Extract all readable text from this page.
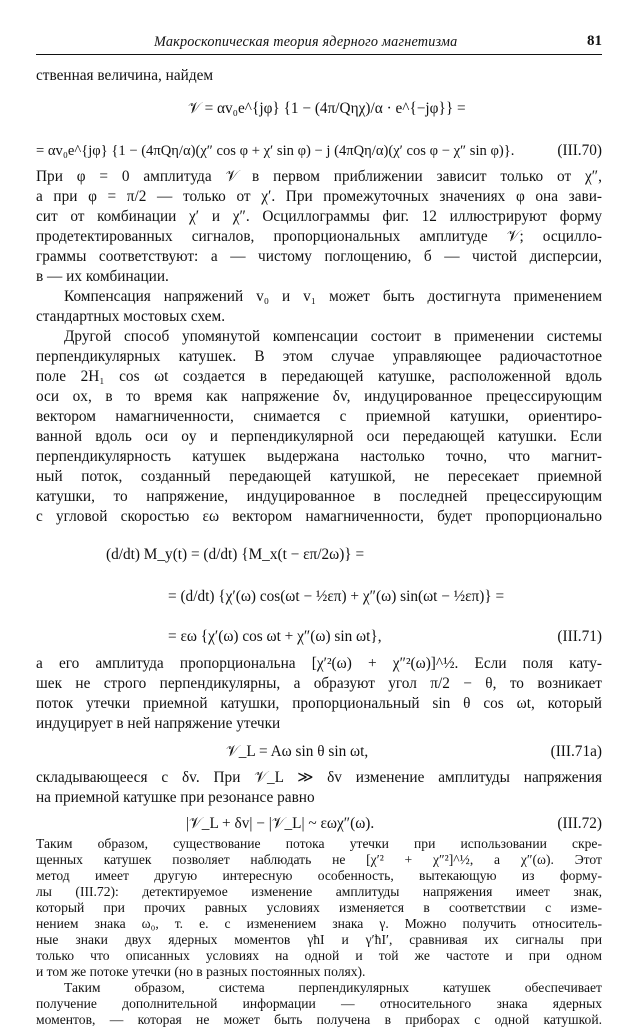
Макроскопическая теория ядерного магнетизма	81
ственная величина, найдем
𝒱 = αv₀e^{jφ} {1 − (4π/Qηχ)/α · e^{−jφ}} =
= αv₀e^{jφ} {1 − (4πQη/α)(χ″ cos φ + χ′ sin φ) − j (4πQη/α)(χ′ cos φ − χ″ sin φ)}.	(III.70)
При φ = 0 амплитуда 𝒱 в первом приближении зависит только от χ″,
а при φ = π/2 — только от χ′. При промежуточных значениях φ она зави-
сит от комбинации χ′ и χ″. Осциллограммы фиг. 12 иллюстрируют форму
продетектированных сигналов, пропорциональных амплитуде 𝒱; осцилло-
граммы соответствуют: а — чистому поглощению, б — чистой дисперсии,
в — их комбинации.
Компенсация напряжений v₀ и v₁ может быть достигнута применением
стандартных мостовых схем.
Другой способ упомянутой компенсации состоит в применении системы
перпендикулярных катушек. В этом случае управляющее радиочастотное
поле 2H₁ cos ωt создается в передающей катушке, расположенной вдоль
оси ox, в то время как напряжение δv, индуцированное прецессирующим
вектором намагниченности, снимается с приемной катушки, ориентиро-
ванной вдоль оси oy и перпендикулярной оси передающей катушки. Если
перпендикулярность катушек выдержана настолько точно, что магнит-
ный поток, созданный передающей катушкой, не пересекает приемной
катушки, то напряжение, индуцированное в последней прецессирующим
с угловой скоростью εω вектором намагниченности, будет пропорционально
(d/dt) M_y(t) = (d/dt) {M_x(t − επ/2ω)} =
= (d/dt) {χ′(ω) cos(ωt − ½επ) + χ″(ω) sin(ωt − ½επ)} =
= εω {χ′(ω) cos ωt + χ″(ω) sin ωt},	(III.71)
а его амплитуда пропорциональна [χ′²(ω) + χ″²(ω)]^½. Если поля кату-
шек не строго перпендикулярны, а образуют угол π/2 − θ, то возникает
поток утечки приемной катушки, пропорциональный sin θ cos ωt, который
индуцирует в ней напряжение утечки
𝒱_L = Aω sin θ sin ωt,	(III.71a)
складывающееся с δv. При 𝒱_L ≫ δv изменение амплитуды напряжения
на приемной катушке при резонансе равно
|𝒱_L + δv| − |𝒱_L| ~ εωχ″(ω).	(III.72)
Таким образом, существование потока утечки при использовании скре-
щенных катушек позволяет наблюдать не [χ′² + χ″²]^½, а χ″(ω). Этот
метод имеет другую интересную особенность, вытекающую из форму-
лы (III.72): детектируемое изменение амплитуды напряжения имеет знак,
который при прочих равных условиях изменяется в соответствии с изме-
нением знака ω₀, т. е. с изменением знака γ. Можно получить относитель-
ные знаки двух ядерных моментов γħI и γ′ħI′, сравнивая их сигналы при
только что описанных условиях на одной и той же частоте и при одном
и том же потоке утечки (но в разных постоянных полях).
Таким образом, система перпендикулярных катушек обеспечивает
получение дополнительной информации — относительного знака ядерных
моментов, — которая не может быть получена в приборах с одной катушкой.
